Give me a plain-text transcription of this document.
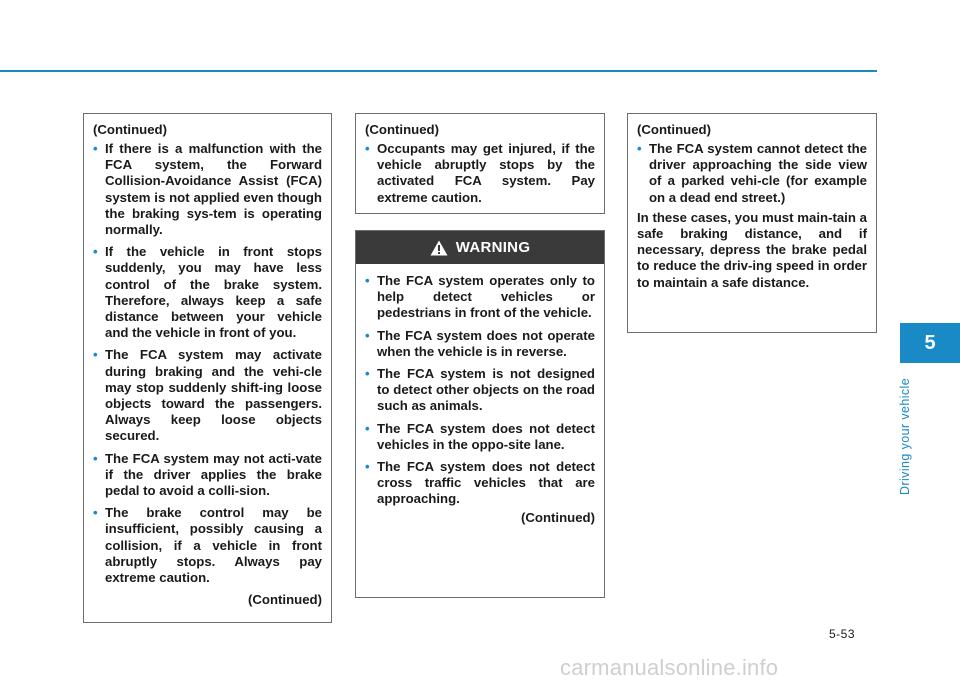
(Continued)
• If there is a malfunction with the FCA system, the Forward Collision-Avoidance Assist (FCA) system is not applied even though the braking sys-tem is operating normally.
• If the vehicle in front stops suddenly, you may have less control of the brake system. Therefore, always keep a safe distance between your vehicle and the vehicle in front of you.
• The FCA system may activate during braking and the vehi-cle may stop suddenly shift-ing loose objects toward the passengers. Always keep loose objects secured.
• The FCA system may not acti-vate if the driver applies the brake pedal to avoid a colli-sion.
• The brake control may be insufficient, possibly causing a collision, if a vehicle in front abruptly stops. Always pay extreme caution.
(Continued)
(Continued)
• Occupants may get injured, if the vehicle abruptly stops by the activated FCA system. Pay extreme caution.
WARNING
• The FCA system operates only to help detect vehicles or pedestrians in front of the vehicle.
• The FCA system does not operate when the vehicle is in reverse.
• The FCA system is not designed to detect other objects on the road such as animals.
• The FCA system does not detect vehicles in the oppo-site lane.
• The FCA system does not detect cross traffic vehicles that are approaching.
(Continued)
(Continued)
• The FCA system cannot detect the driver approaching the side view of a parked vehi-cle (for example on a dead end street.)
In these cases, you must main-tain a safe braking distance, and if necessary, depress the brake pedal to reduce the driv-ing speed in order to maintain a safe distance.
5
Driving your vehicle
5-53
carmanualsonline.info
